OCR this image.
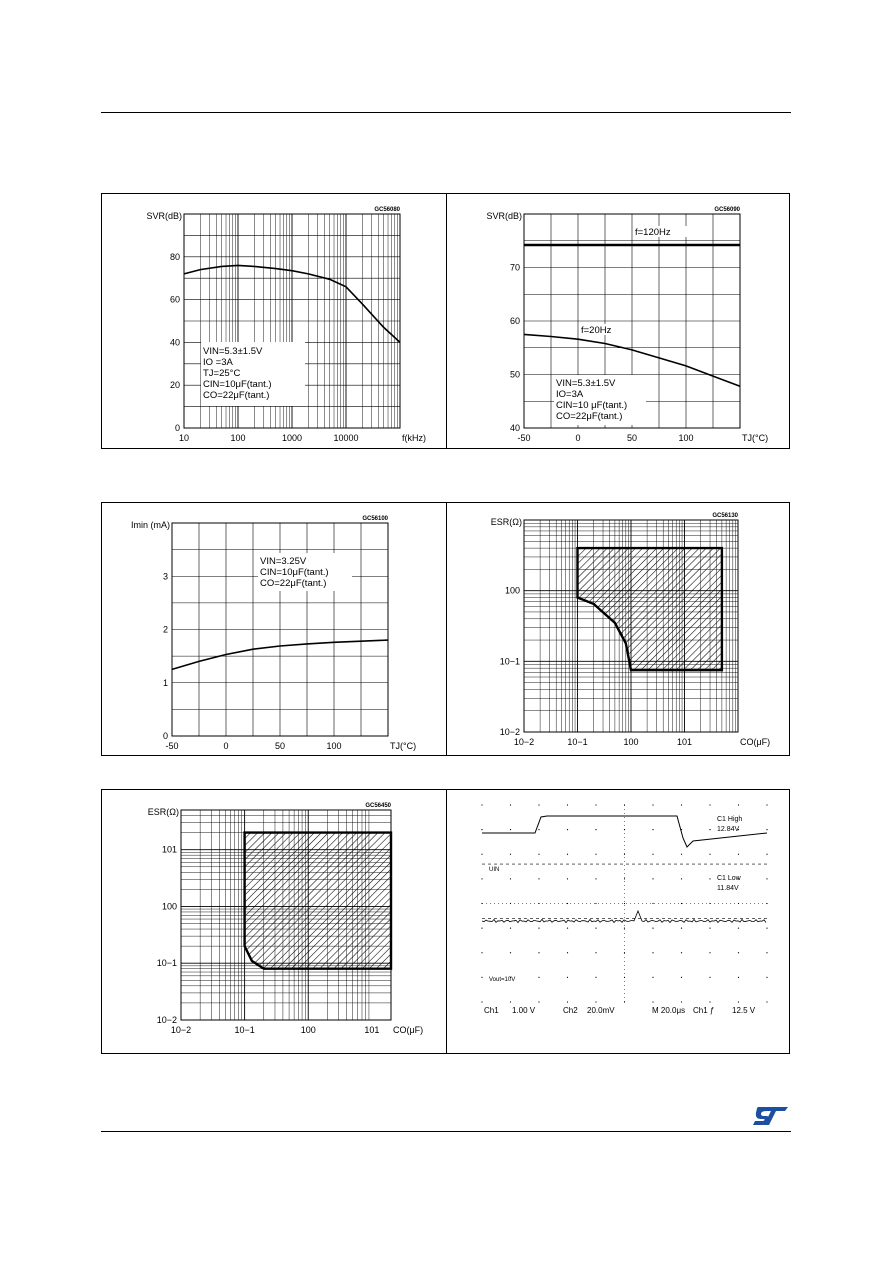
10	100	1000	10000
0
20
40
60
80
f(kHz)
SVR(dB)
GC56080
VIN=5.3±1.5V
IO =3A
TJ=25°C
CIN=10μF(tant.)
CO=22μF(tant.)
-50	0	50	100
40
50
60
70
TJ(°C)
SVR(dB)
GC56090
f=120Hz
f=20Hz
VIN=5.3±1.5V
IO=3A
CIN=10 μF(tant.)
CO=22μF(tant.)
-50	0	50	100
0
1
2
3
TJ(°C)
Imin (mA)
GC56100
VIN=3.25V
CIN=10μF(tant.)
CO=22μF(tant.)
10−2	10−1	100	101
10−2
10−1
100
CO(μF)
ESR(Ω)
GC56130
10−2	10−1	100	101
10−2
10−1
100
101
CO(μF)
ESR(Ω)
GC56450
C1 High
12.84V
C1 Low
11.84V
UIN
Vout=10V
Ch1 1.00 V	Ch2 20.0mV	M 20.0μs Ch1 ƒ 12.5 V
